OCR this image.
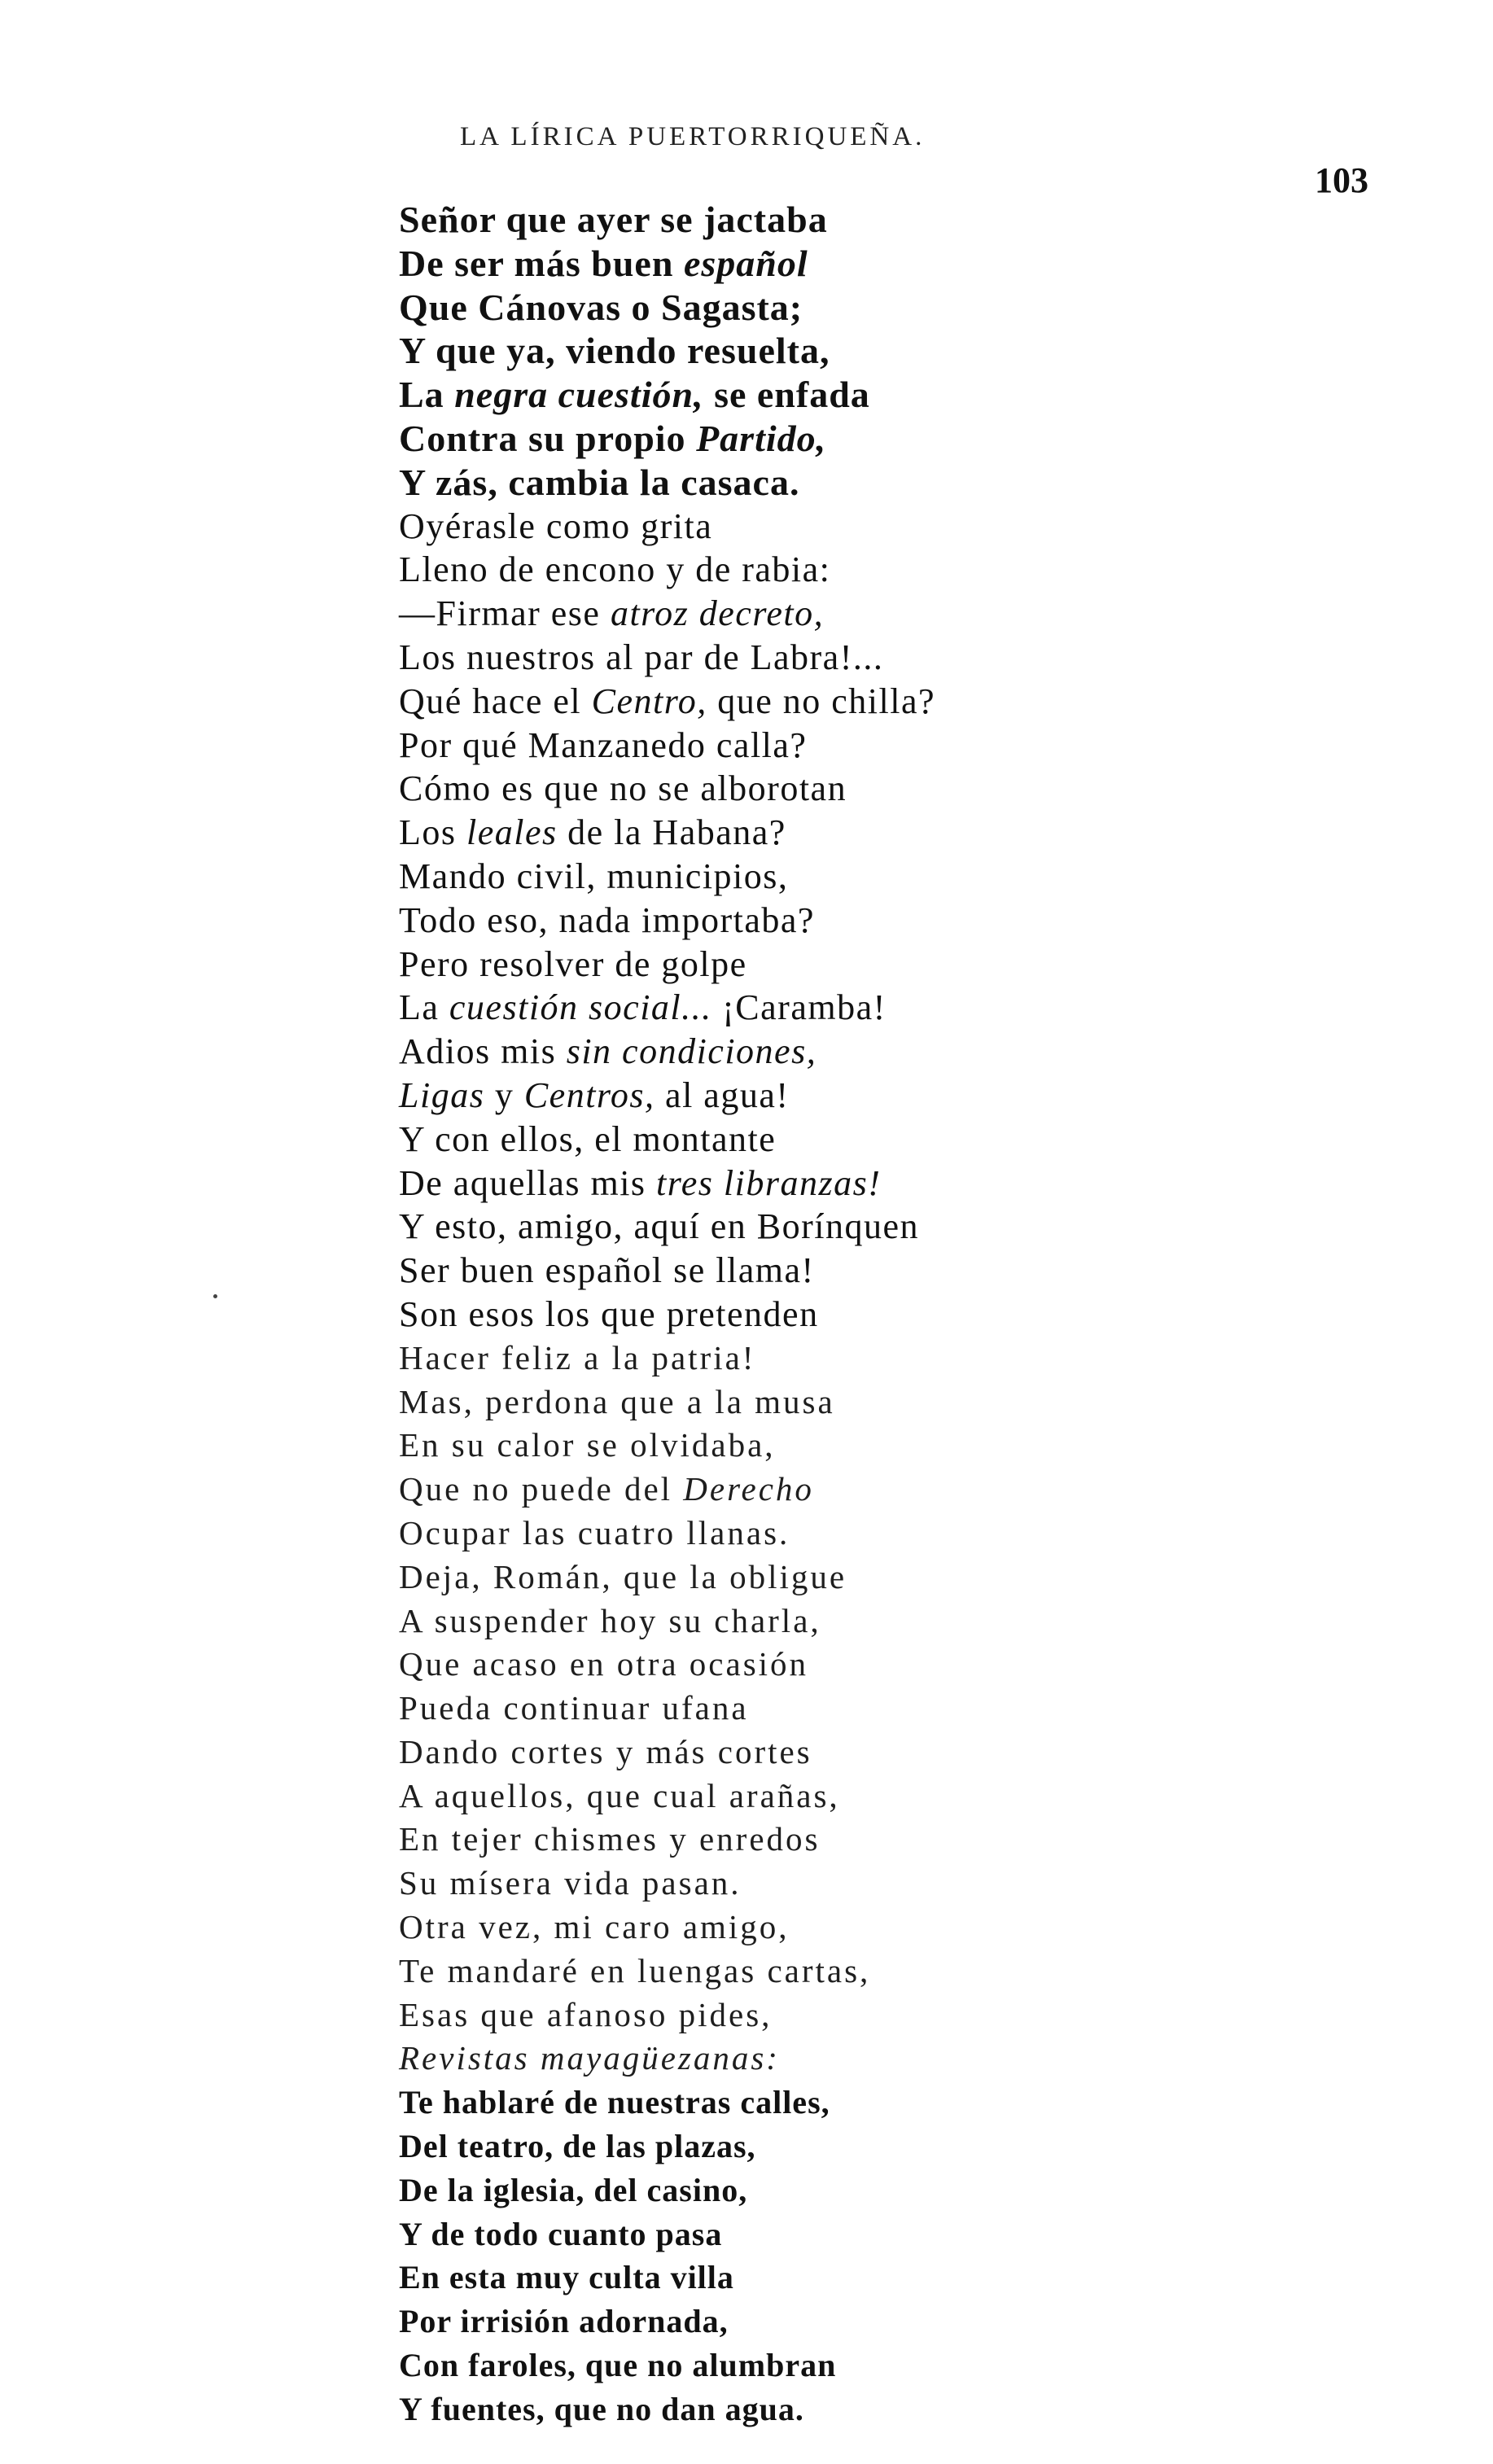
LA LÍRICA PUERTORRIQUEÑA.
103
Señor que ayer se jactaba
De ser más buen español
Que Cánovas o Sagasta;
Y que ya, viendo resuelta,
La negra cuestión, se enfada
Contra su propio Partido,
Y zás, cambia la casaca.
Oyérasle como grita
Lleno de encono y de rabia:
—Firmar ese atroz decreto,
Los nuestros al par de Labra!...
Qué hace el Centro, que no chilla?
Por qué Manzanedo calla?
Cómo es que no se alborotan
Los leales de la Habana?
Mando civil, municipios,
Todo eso, nada importaba?
Pero resolver de golpe
La cuestión social... ¡Caramba!
Adios mis sin condiciones,
Ligas y Centros, al agua!
Y con ellos, el montante
De aquellas mis tres libranzas!
Y esto, amigo, aquí en Borínquen
Ser buen español se llama!
Son esos los que pretenden
Hacer feliz a la patria!
Mas, perdona que a la musa
En su calor se olvidaba,
Que no puede del Derecho
Ocupar las cuatro llanas.
Deja, Román, que la obligue
A suspender hoy su charla,
Que acaso en otra ocasión
Pueda continuar ufana
Dando cortes y más cortes
A aquellos, que cual arañas,
En tejer chismes y enredos
Su mísera vida pasan.
Otra vez, mi caro amigo,
Te mandaré en luengas cartas,
Esas que afanoso pides,
Revistas mayagüezanas:
Te hablaré de nuestras calles,
Del teatro, de las plazas,
De la iglesia, del casino,
Y de todo cuanto pasa
En esta muy culta villa
Por irrisión adornada,
Con faroles, que no alumbran
Y fuentes, que no dan agua.
